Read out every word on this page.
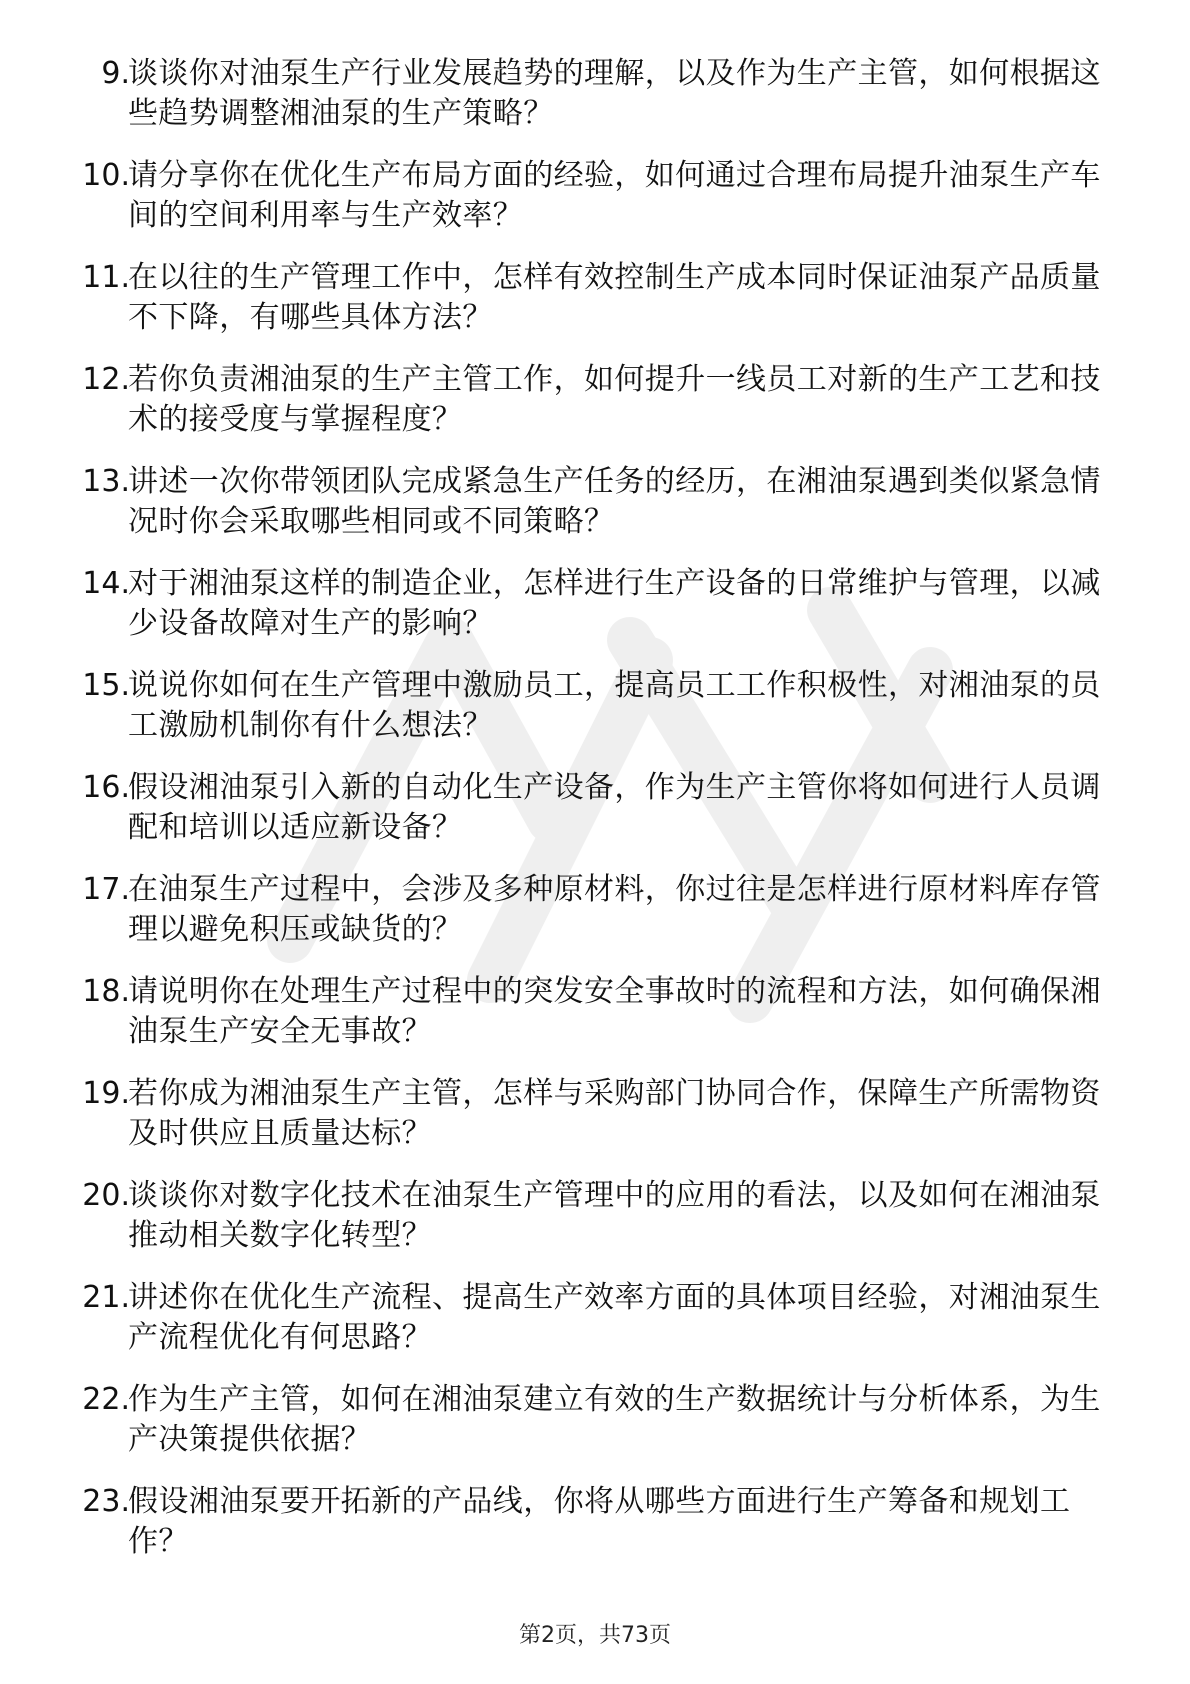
9.
谈谈你对油泵生产行业发展趋势的理解，以及作为生产主管，如何根据这些趋势调整湘油泵的生产策略？
10.
请分享你在优化生产布局方面的经验，如何通过合理布局提升油泵生产车间的空间利用率与生产效率？
11.
在以往的生产管理工作中，怎样有效控制生产成本同时保证油泵产品质量不下降，有哪些具体方法？
12.
若你负责湘油泵的生产主管工作，如何提升一线员工对新的生产工艺和技术的接受度与掌握程度？
13.
讲述一次你带领团队完成紧急生产任务的经历，在湘油泵遇到类似紧急情况时你会采取哪些相同或不同策略？
14.
对于湘油泵这样的制造企业，怎样进行生产设备的日常维护与管理，以减少设备故障对生产的影响？
15.
说说你如何在生产管理中激励员工，提高员工工作积极性，对湘油泵的员工激励机制你有什么想法？
16.
假设湘油泵引入新的自动化生产设备，作为生产主管你将如何进行人员调配和培训以适应新设备？
17.
在油泵生产过程中，会涉及多种原材料，你过往是怎样进行原材料库存管理以避免积压或缺货的？
18.
请说明你在处理生产过程中的突发安全事故时的流程和方法，如何确保湘油泵生产安全无事故？
19.
若你成为湘油泵生产主管，怎样与采购部门协同合作，保障生产所需物资及时供应且质量达标？
20.
谈谈你对数字化技术在油泵生产管理中的应用的看法，以及如何在湘油泵推动相关数字化转型？
21.
讲述你在优化生产流程、提高生产效率方面的具体项目经验，对湘油泵生产流程优化有何思路？
22.
作为生产主管，如何在湘油泵建立有效的生产数据统计与分析体系，为生产决策提供依据？
23.
假设湘油泵要开拓新的产品线，你将从哪些方面进行生产筹备和规划工作？
第2页，共73页
